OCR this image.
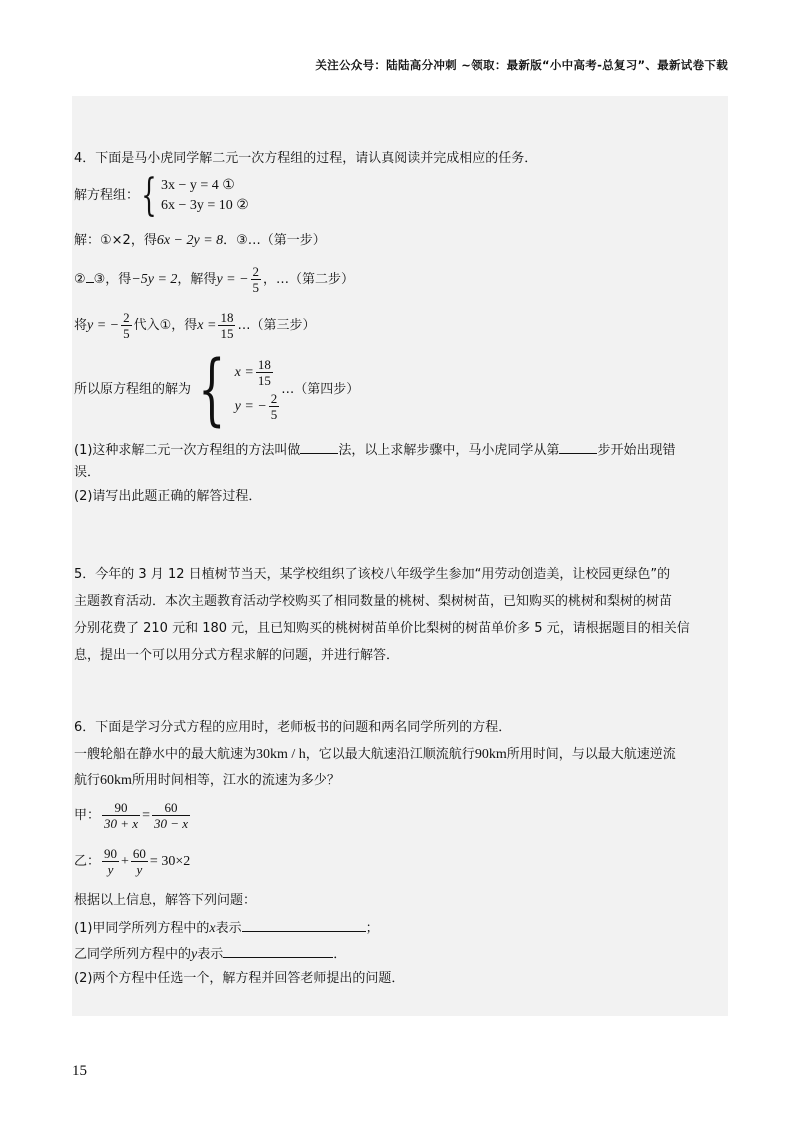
关注公众号：陆陆高分冲刺 ~领取：最新版“小中高考-总复习”、最新试卷下载
4．下面是马小虎同学解二元一次方程组的过程，请认真阅读并完成相应的任务．
解方程组： { 3x − y = 4 ①
6x − 3y = 10 ②
解：①×2，得6x − 2y = 8．③…（第一步）
② ③，得−5y = 2，解得y = − $\frac{2}{5}$ ，…（第二步）
将y = − $\frac{2}{5}$ 代入①，得$x = \frac{18}{15}$ …（第三步）
所以原方程组的解为 { $x = \frac{18}{15}$
y = − $\frac{2}{5}$
…（第四步）
(1)这种求解二元一次方程组的方法叫做	法，以上求解步骤中，马小虎同学从第	步开始出现错
误．
(2)请写出此题正确的解答过程．
5．今年的 3 月 12 日植树节当天，某学校组织了该校八年级学生参加“用劳动创造美，让校园更绿色”的
主题教育活动．本次主题教育活动学校购买了相同数量的桃树、梨树树苗，已知购买的桃树和梨树的树苗
分别花费了 210 元和 180 元，且已知购买的桃树树苗单价比梨树的树苗单价多 5 元，请根据题目的相关信
息，提出一个可以用分式方程求解的问题，并进行解答．
6．下面是学习分式方程的应用时，老师板书的问题和两名同学所列的方程．
一艘轮船在静水中的最大航速为30km / h，它以最大航速沿江顺流航行90km所用时间，与以最大航速逆流
航行60km所用时间相等，江水的流速为多少？
甲： $\frac{90}{30 + x} = \frac{60}{30 - x}$
乙： $\frac{90}{y} + \frac{60}{y} = 30\times 2$
根据以上信息，解答下列问题：
(1)甲同学所列方程中的x表示	；
乙同学所列方程中的y表示	．
(2)两个方程中任选一个，解方程并回答老师提出的问题．
15
